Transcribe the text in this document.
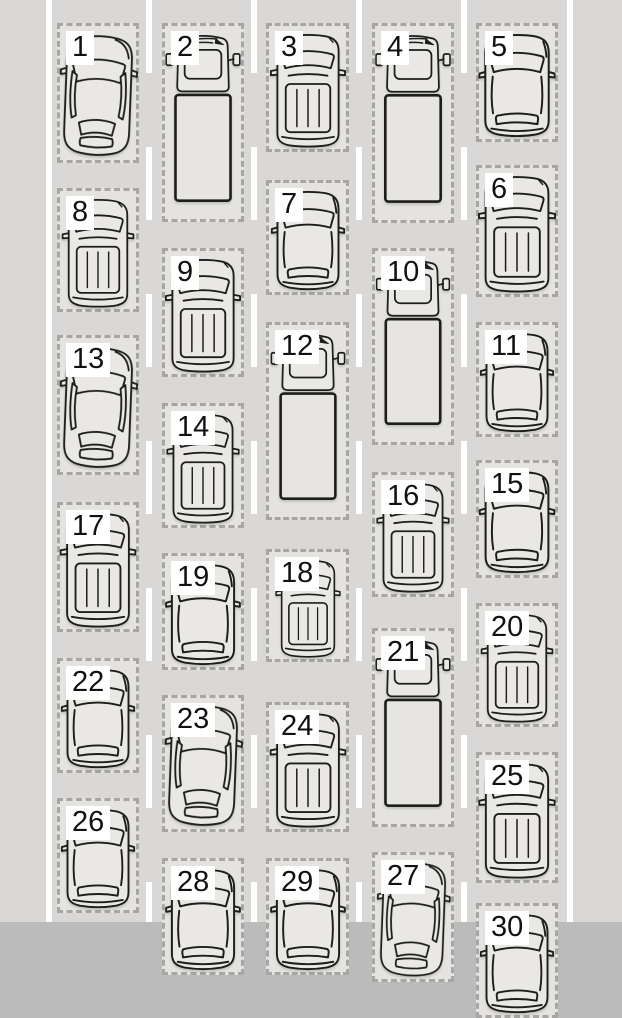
1	2	3	4	5
6
7
8
9	10
11
12
13
14
15
16
17
18
19
20
21
22
23 24
25
26
27
28 29
30
